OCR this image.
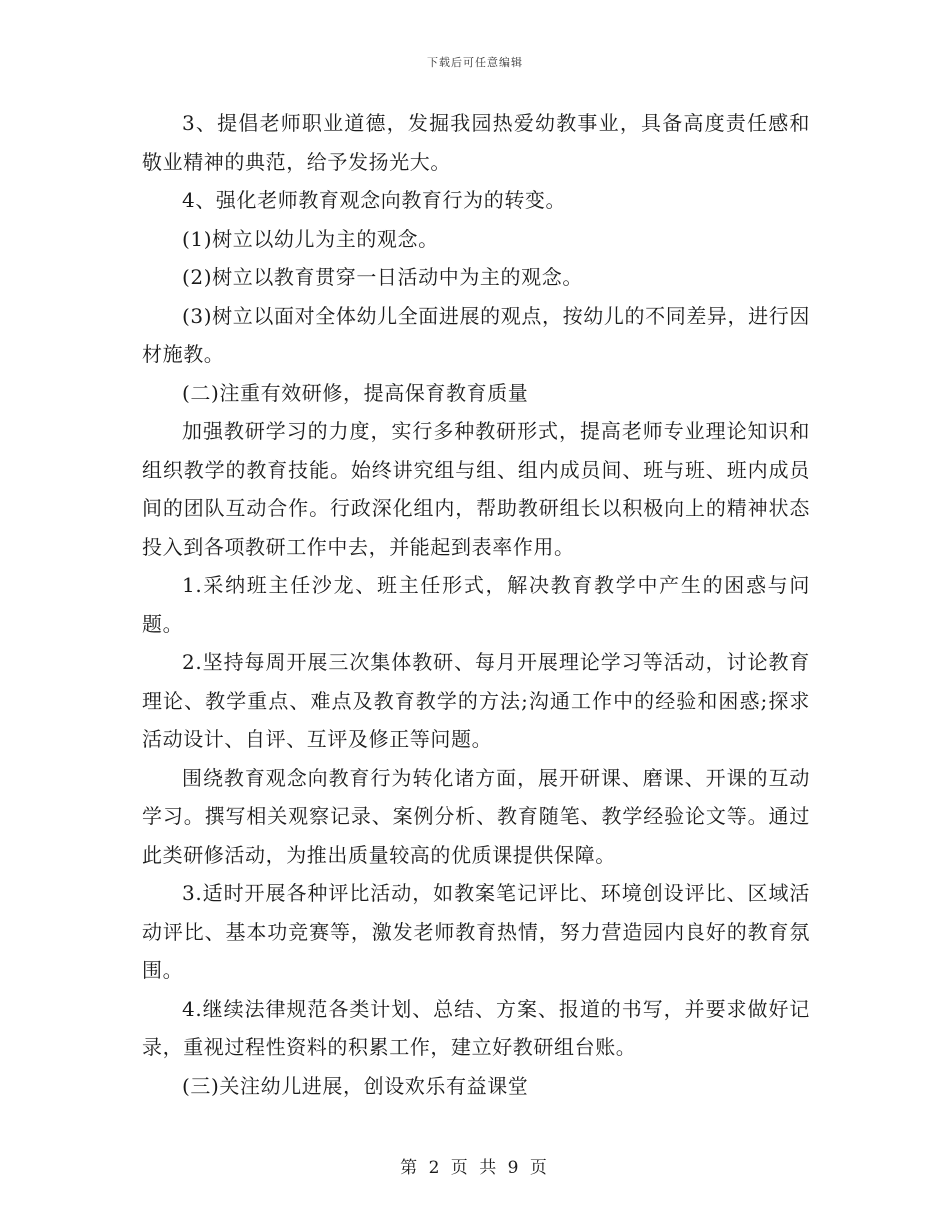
下载后可任意编辑

3、提倡老师职业道德，发掘我园热爱幼教事业，具备高度责任感和敬业精神的典范，给予发扬光大。

4、强化老师教育观念向教育行为的转变。

(1)树立以幼儿为主的观念。

(2)树立以教育贯穿一日活动中为主的观念。

(3)树立以面对全体幼儿全面进展的观点，按幼儿的不同差异，进行因材施教。

(二)注重有效研修，提高保育教育质量

加强教研学习的力度，实行多种教研形式，提高老师专业理论知识和组织教学的教育技能。始终讲究组与组、组内成员间、班与班、班内成员间的团队互动合作。行政深化组内，帮助教研组长以积极向上的精神状态投入到各项教研工作中去，并能起到表率作用。

1.采纳班主任沙龙、班主任形式，解决教育教学中产生的困惑与问题。

2.坚持每周开展三次集体教研、每月开展理论学习等活动，讨论教育理论、教学重点、难点及教育教学的方法;沟通工作中的经验和困惑;探求活动设计、自评、互评及修正等问题。

围绕教育观念向教育行为转化诸方面，展开研课、磨课、开课的互动学习。撰写相关观察记录、案例分析、教育随笔、教学经验论文等。通过此类研修活动，为推出质量较高的优质课提供保障。

3.适时开展各种评比活动，如教案笔记评比、环境创设评比、区域活动评比、基本功竞赛等，激发老师教育热情，努力营造园内良好的教育氛围。

4.继续法律规范各类计划、总结、方案、报道的书写，并要求做好记录，重视过程性资料的积累工作，建立好教研组台账。

(三)关注幼儿进展，创设欢乐有益课堂

第 2 页 共 9 页
